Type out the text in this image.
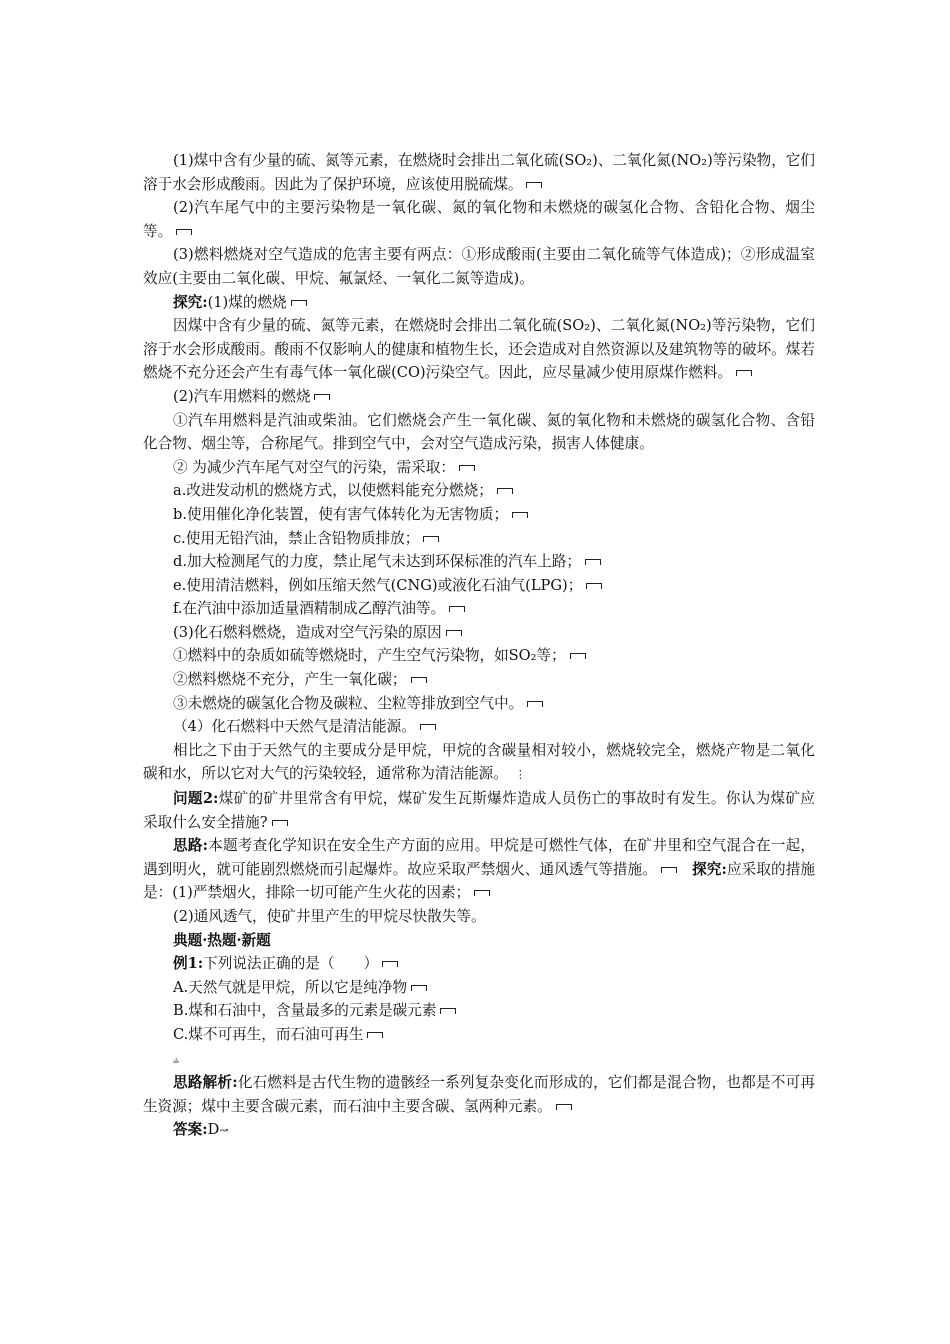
(1)煤中含有少量的硫、氮等元素，在燃烧时会排出二氧化硫(SO₂)、二氧化氮(NO₂)等污染物，它们溶于水会形成酸雨。因此为了保护环境，应该使用脱硫煤。

(2)汽车尾气中的主要污染物是一氧化碳、氮的氧化物和未燃烧的碳氢化合物、含铅化合物、烟尘等。

(3)燃料燃烧对空气造成的危害主要有两点：①形成酸雨(主要由二氧化硫等气体造成)；②形成温室效应(主要由二氧化碳、甲烷、氟氯烃、一氧化二氮等造成)。

探究:(1)煤的燃烧

因煤中含有少量的硫、氮等元素，在燃烧时会排出二氧化硫(SO₂)、二氧化氮(NO₂)等污染物，它们溶于水会形成酸雨。酸雨不仅影响人的健康和植物生长，还会造成对自然资源以及建筑物等的破坏。煤若燃烧不充分还会产生有毒气体一氧化碳(CO)污染空气。因此，应尽量减少使用原煤作燃料。

(2)汽车用燃料的燃烧

①汽车用燃料是汽油或柴油。它们燃烧会产生一氧化碳、氮的氧化物和未燃烧的碳氢化合物、含铅化合物、烟尘等，合称尾气。排到空气中，会对空气造成污染，损害人体健康。

② 为减少汽车尾气对空气的污染，需采取：

a.改进发动机的燃烧方式，以使燃料能充分燃烧；

b.使用催化净化装置，使有害气体转化为无害物质；

c.使用无铅汽油，禁止含铅物质排放；

d.加大检测尾气的力度，禁止尾气未达到环保标准的汽车上路；

e.使用清洁燃料，例如压缩天然气(CNG)或液化石油气(LPG)；

f.在汽油中添加适量酒精制成乙醇汽油等。

(3)化石燃料燃烧，造成对空气污染的原因

①燃料中的杂质如硫等燃烧时，产生空气污染物，如SO₂等；

②燃料燃烧不充分，产生一氧化碳；

③未燃烧的碳氢化合物及碳粒、尘粒等排放到空气中。

（4）化石燃料中天然气是清洁能源。

相比之下由于天然气的主要成分是甲烷，甲烷的含碳量相对较小，燃烧较完全，燃烧产物是二氧化碳和水，所以它对大气的污染较轻，通常称为清洁能源。  ⋮

问题2:煤矿的矿井里常含有甲烷，煤矿发生瓦斯爆炸造成人员伤亡的事故时有发生。你认为煤矿应采取什么安全措施?

思路:本题考查化学知识在安全生产方面的应用。甲烷是可燃性气体，在矿井里和空气混合在一起，遇到明火，就可能剧烈燃烧而引起爆炸。故应采取严禁烟火、通风透气等措施。 探究:应采取的措施是：(1)严禁烟火，排除一切可能产生火花的因素；

(2)通风透气，使矿井里产生的甲烷尽快散失等。

典题·热题·新题

例1:下列说法正确的是（　　）

A.天然气就是甲烷，所以它是纯净物

B.煤和石油中，含量最多的元素是碳元素

C.煤不可再生，而石油可再生

⫨

思路解析:化石燃料是古代生物的遗骸经一系列复杂变化而形成的，它们都是混合物，也都是不可再生资源；煤中主要含碳元素，而石油中主要含碳、氢两种元素。

答案:D↝
